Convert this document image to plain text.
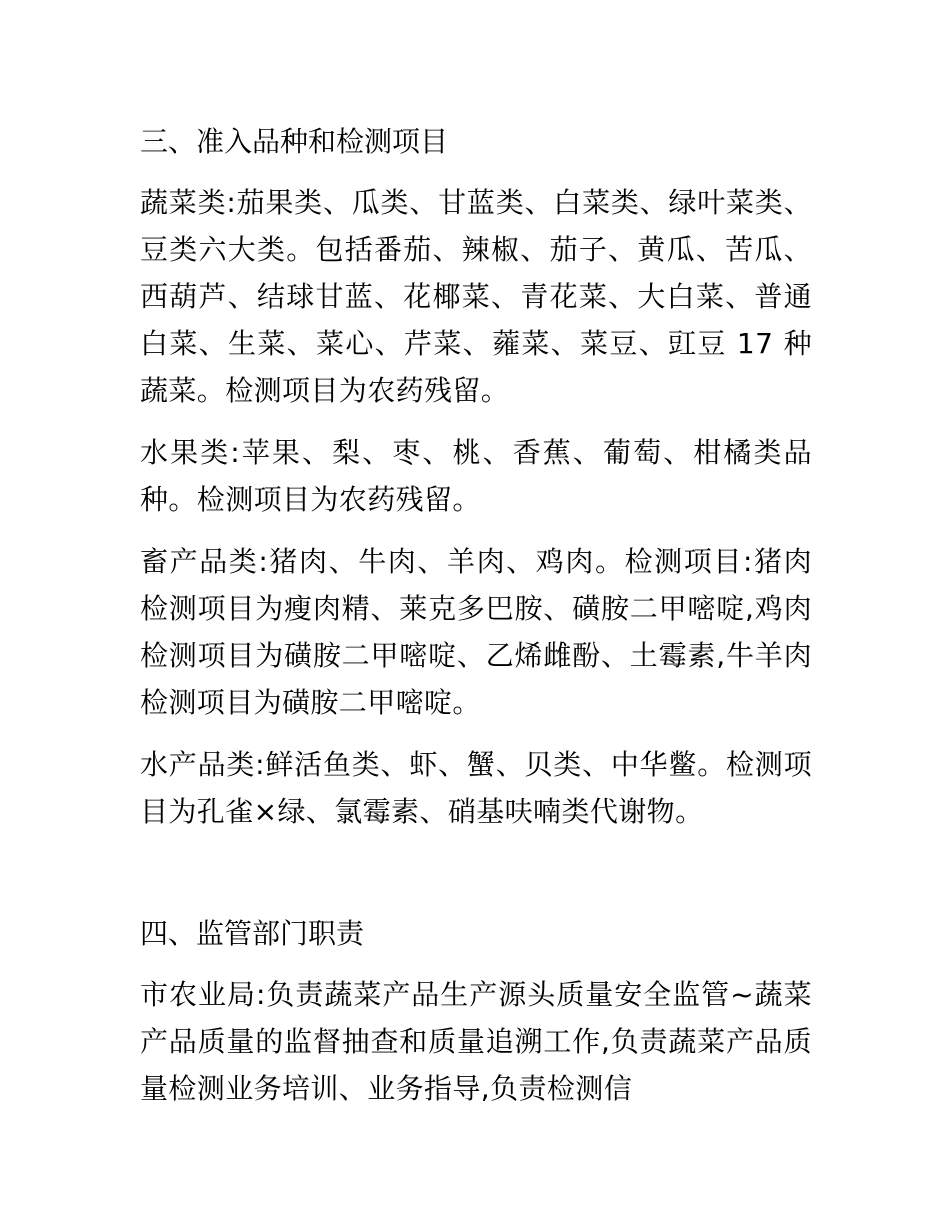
三、准入品种和检测项目
蔬菜类:茄果类、瓜类、甘蓝类、白菜类、绿叶菜类、豆类六大类。包括番茄、辣椒、茄子、黄瓜、苦瓜、西葫芦、结球甘蓝、花椰菜、青花菜、大白菜、普通白菜、生菜、菜心、芹菜、蕹菜、菜豆、豇豆 17 种蔬菜。检测项目为农药残留。
水果类:苹果、梨、枣、桃、香蕉、葡萄、柑橘类品种。检测项目为农药残留。
畜产品类:猪肉、牛肉、羊肉、鸡肉。检测项目:猪肉检测项目为瘦肉精、莱克多巴胺、磺胺二甲嘧啶,鸡肉检测项目为磺胺二甲嘧啶、乙烯雌酚、土霉素,牛羊肉检测项目为磺胺二甲嘧啶。
水产品类:鲜活鱼类、虾、蟹、贝类、中华鳖。检测项目为孔雀×绿、氯霉素、硝基呋喃类代谢物。
四、监管部门职责
市农业局:负责蔬菜产品生产源头质量安全监管~蔬菜产品质量的监督抽查和质量追溯工作,负责蔬菜产品质量检测业务培训、业务指导,负责检测信
